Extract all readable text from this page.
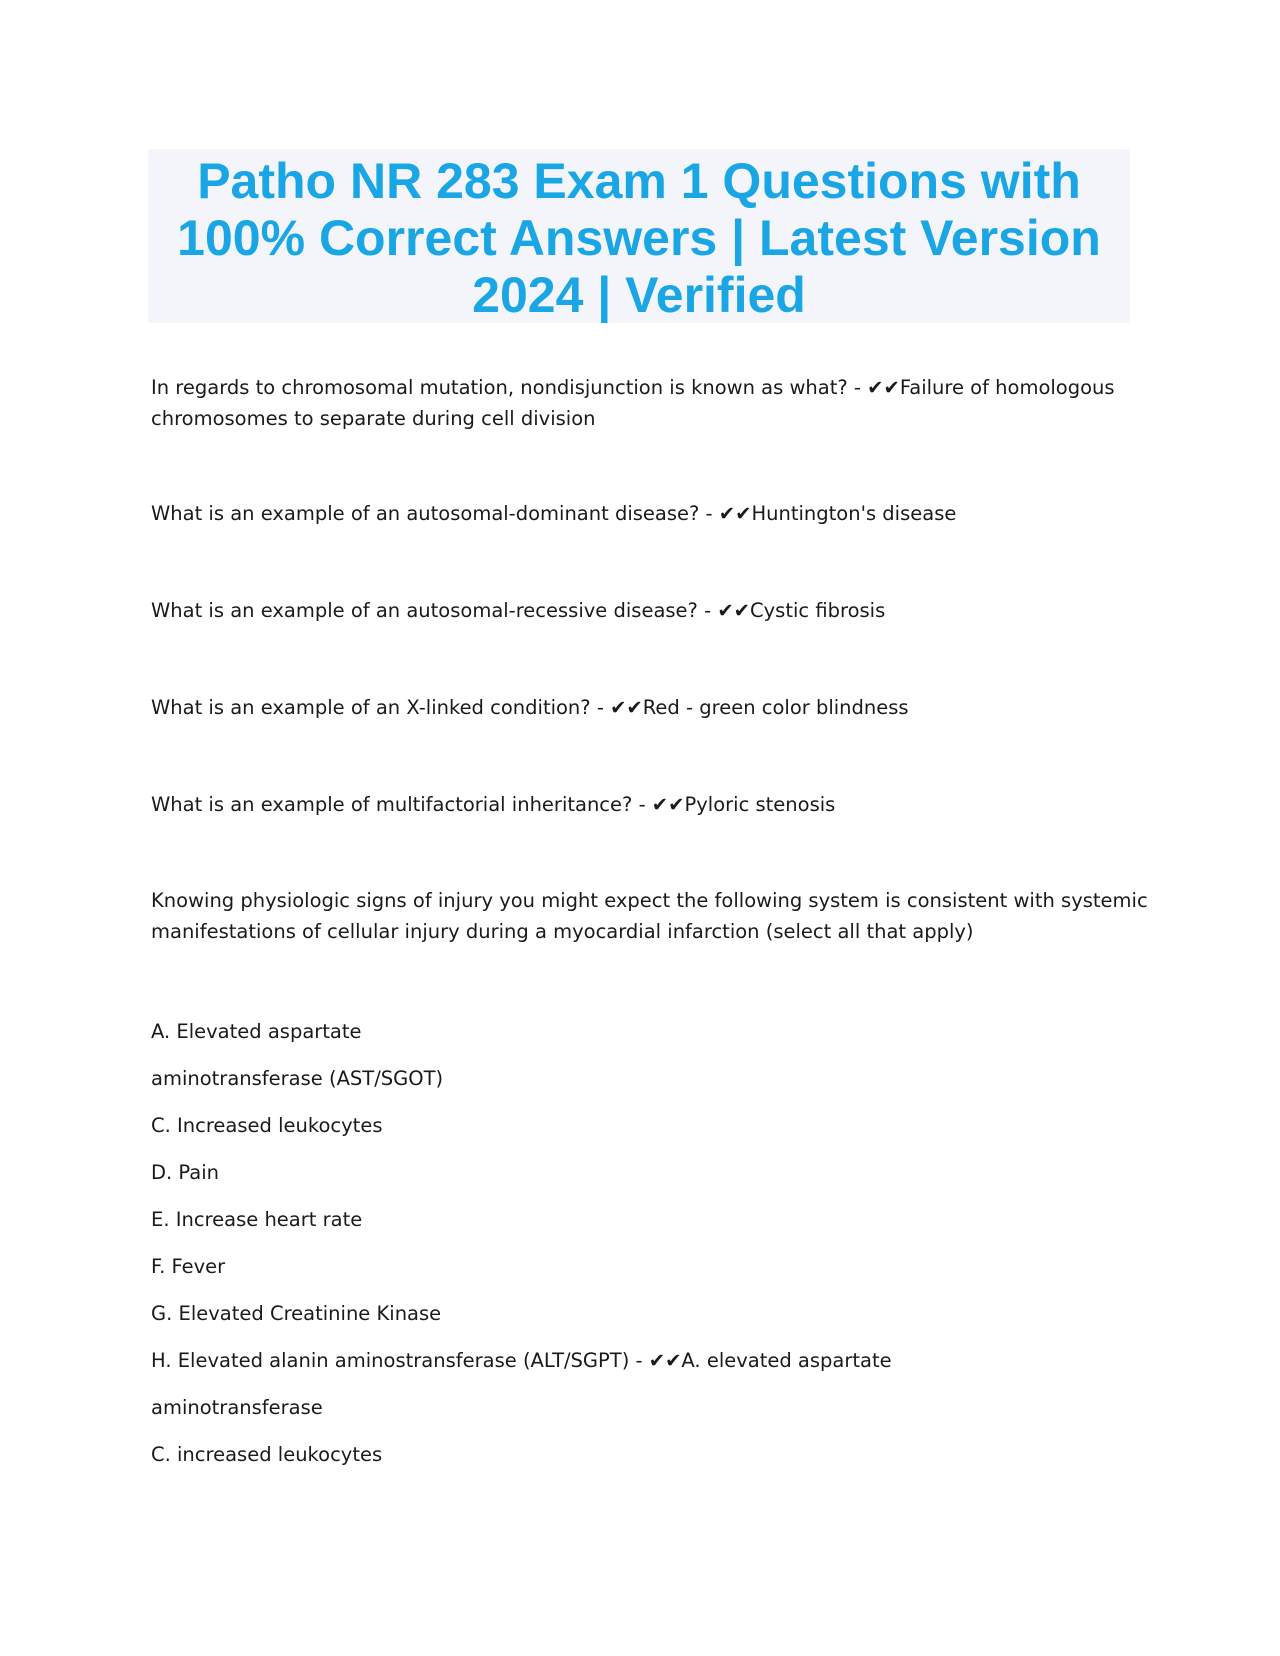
Patho NR 283 Exam 1 Questions with
100% Correct Answers | Latest Version
2024 | Verified
In regards to chromosomal mutation, nondisjunction is known as what? - ✔✔Failure of homologous
chromosomes to separate during cell division
What is an example of an autosomal-dominant disease? - ✔✔Huntington's disease
What is an example of an autosomal-recessive disease? - ✔✔Cystic fibrosis
What is an example of an X-linked condition? - ✔✔Red - green color blindness
What is an example of multifactorial inheritance? - ✔✔Pyloric stenosis
Knowing physiologic signs of injury you might expect the following system is consistent with systemic
manifestations of cellular injury during a myocardial infarction (select all that apply)
A. Elevated aspartate
aminotransferase (AST/SGOT)
C. Increased leukocytes
D. Pain
E. Increase heart rate
F. Fever
G. Elevated Creatinine Kinase
H. Elevated alanin aminostransferase (ALT/SGPT) - ✔✔A. elevated aspartate
aminotransferase
C. increased leukocytes
